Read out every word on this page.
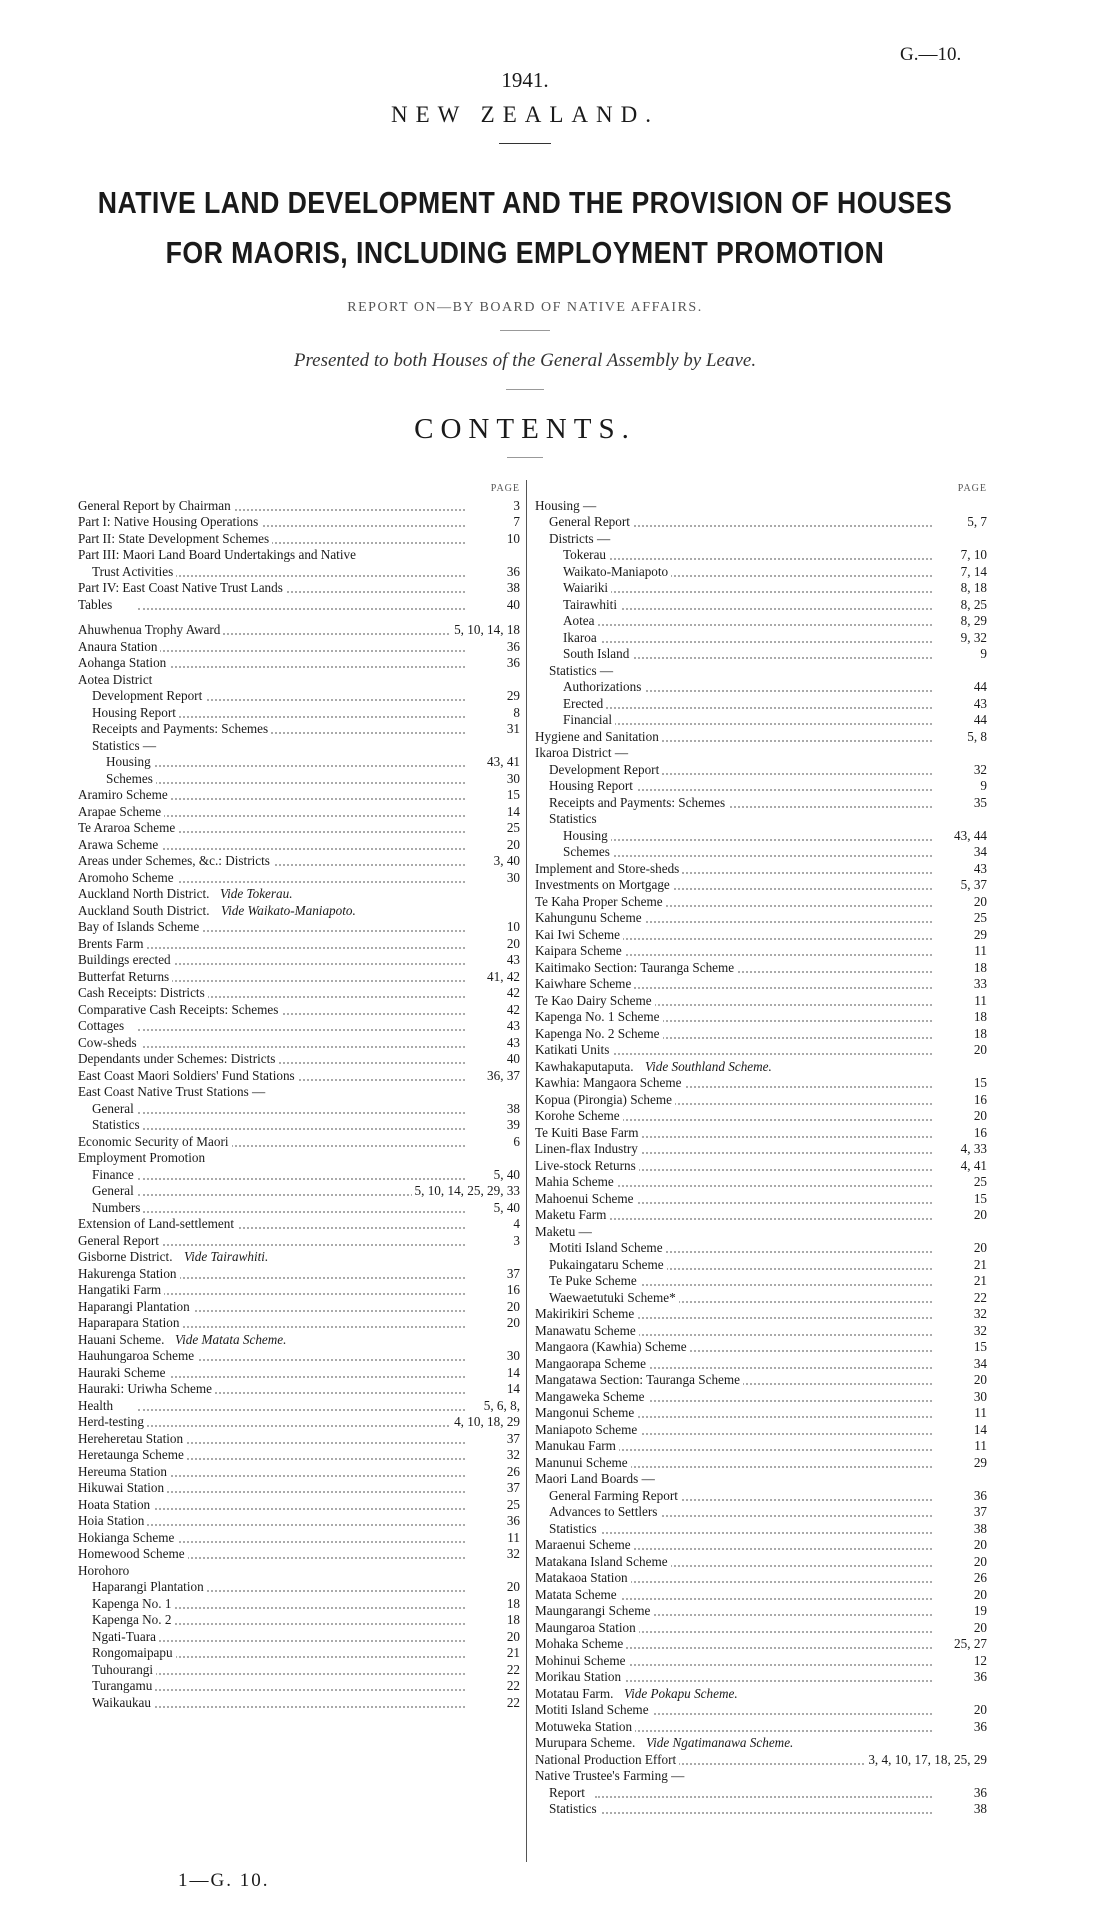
G.—10.
1941.
NEW ZEALAND.
NATIVE LAND DEVELOPMENT AND THE PROVISION OF HOUSES
FOR MAORIS, INCLUDING EMPLOYMENT PROMOTION
REPORT ON—BY BOARD OF NATIVE AFFAIRS.
Presented to both Houses of the General Assembly by Leave.
CONTENTS.
PAGE
General Report by Chairman	3
Part I: Native Housing Operations	7
Part II: State Development Schemes	10
Part III: Maori Land Board Undertakings and Native
Trust Activities	36
Part IV: East Coast Native Trust Lands	38
Tables	40
Ahuwhenua Trophy Award	5, 10, 14, 18
Anaura Station	36
Aohanga Station	36
Aotea District
Development Report	29
Housing Report	8
Receipts and Payments: Schemes	31
Statistics —
Housing	43, 41
Schemes	30
Aramiro Scheme	15
Arapae Scheme	14
Te Araroa Scheme	25
Arawa Scheme	20
Areas under Schemes, &c.: Districts	3, 40
Aromoho Scheme	30
Auckland North District. Vide Tokerau.
Auckland South District. Vide Waikato-Maniapoto.
Bay of Islands Scheme	10
Brents Farm	20
Buildings erected	43
Butterfat Returns	41, 42
Cash Receipts: Districts	42
Comparative Cash Receipts: Schemes	42
Cottages	43
Cow-sheds	43
Dependants under Schemes: Districts	40
East Coast Maori Soldiers' Fund Stations	36, 37
East Coast Native Trust Stations —
General	38
Statistics	39
Economic Security of Maori	6
Employment Promotion
Finance	5, 40
General	5, 10, 14, 25, 29, 33
Numbers	5, 40
Extension of Land-settlement	4
General Report	3
Gisborne District. Vide Tairawhiti.
Hakurenga Station	37
Hangatiki Farm	16
Haparangi Plantation	20
Haparapara Station	20
Hauani Scheme. Vide Matata Scheme.
Hauhungaroa Scheme	30
Hauraki Scheme	14
Hauraki: Uriwha Scheme	14
Health	5, 6, 8,
Herd-testing	4, 10, 18, 29
Hereheretau Station	37
Heretaunga Scheme	32
Hereuma Station	26
Hikuwai Station	37
Hoata Station	25
Hoia Station	36
Hokianga Scheme	11
Homewood Scheme	32
Horohoro
Haparangi Plantation	20
Kapenga No. 1	18
Kapenga No. 2	18
Ngati-Tuara	20
Rongomaipapu	21
Tuhourangi	22
Turangamu	22
Waikaukau	22
PAGE
Housing —
General Report	5, 7
Districts —
Tokerau	7, 10
Waikato-Maniapoto	7, 14
Waiariki	8, 18
Tairawhiti	8, 25
Aotea	8, 29
Ikaroa	9, 32
South Island	9
Statistics —
Authorizations	44
Erected	43
Financial	44
Hygiene and Sanitation	5, 8
Ikaroa District —
Development Report	32
Housing Report	9
Receipts and Payments: Schemes	35
Statistics
Housing	43, 44
Schemes	34
Implement and Store-sheds	43
Investments on Mortgage	5, 37
Te Kaha Proper Scheme	20
Kahungunu Scheme	25
Kai Iwi Scheme	29
Kaipara Scheme	11
Kaitimako Section: Tauranga Scheme	18
Kaiwhare Scheme	33
Te Kao Dairy Scheme	11
Kapenga No. 1 Scheme	18
Kapenga No. 2 Scheme	18
Katikati Units	20
Kawhakaputaputa. Vide Southland Scheme.
Kawhia: Mangaora Scheme	15
Kopua (Pirongia) Scheme	16
Korohe Scheme	20
Te Kuiti Base Farm	16
Linen-flax Industry	4, 33
Live-stock Returns	4, 41
Mahia Scheme	25
Mahoenui Scheme	15
Maketu Farm	20
Maketu —
Motiti Island Scheme	20
Pukaingataru Scheme	21
Te Puke Scheme	21
Waewaetutuki Scheme*	22
Makirikiri Scheme	32
Manawatu Scheme	32
Mangaora (Kawhia) Scheme	15
Mangaorapa Scheme	34
Mangatawa Section: Tauranga Scheme	20
Mangaweka Scheme	30
Mangonui Scheme	11
Maniapoto Scheme	14
Manukau Farm	11
Manunui Scheme	29
Maori Land Boards —
General Farming Report	36
Advances to Settlers	37
Statistics	38
Maraenui Scheme	20
Matakana Island Scheme	20
Matakaoa Station	26
Matata Scheme	20
Maungarangi Scheme	19
Maungaroa Station	20
Mohaka Scheme	25, 27
Mohinui Scheme	12
Morikau Station	36
Motatau Farm. Vide Pokapu Scheme.
Motiti Island Scheme	20
Motuweka Station	36
Murupara Scheme. Vide Ngatimanawa Scheme.
National Production Effort	3, 4, 10, 17, 18, 25, 29
Native Trustee's Farming —
Report	36
Statistics	38
1—G. 10.
